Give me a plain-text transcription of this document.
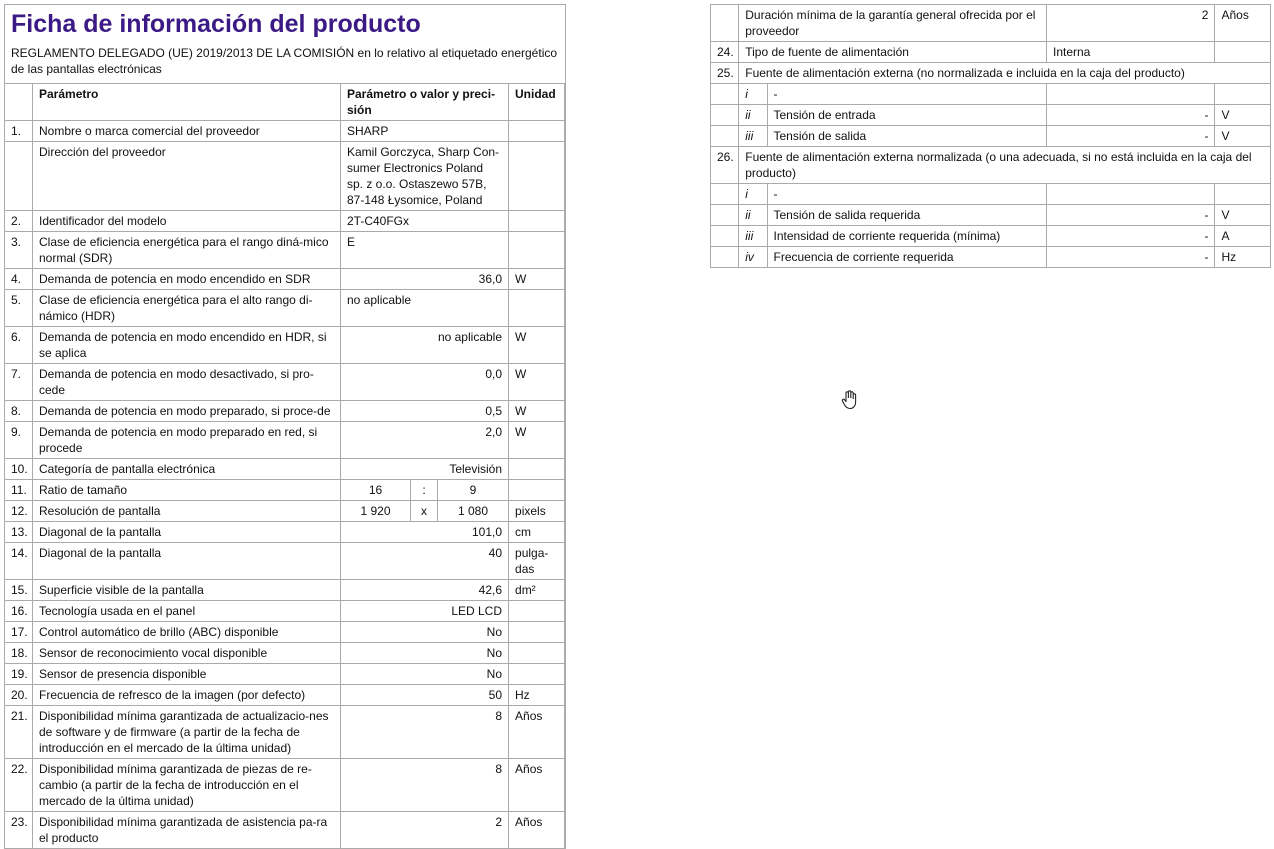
Ficha de información del producto
REGLAMENTO DELEGADO (UE) 2019/2013 DE LA COMISIÓN en lo relativo al etiquetado energético de las pantallas electrónicas
	Parámetro	Parámetro o valor y preci-sión			Unidad
1.	Nombre o marca comercial del proveedor	SHARP			
	Dirección del proveedor	Kamil Gorczyca, Sharp Con-sumer Electronics Poland sp. z o.o. Ostaszewo 57B, 87-148 Łysomice, Poland			
2.	Identificador del modelo	2T-C40FGx			
3.	Clase de eficiencia energética para el rango diná-mico normal (SDR)	E			
4.	Demanda de potencia en modo encendido en SDR	36,0			W
5.	Clase de eficiencia energética para el alto rango di-námico (HDR)	no aplicable			
6.	Demanda de potencia en modo encendido en HDR, si se aplica	no aplicable			W
7.	Demanda de potencia en modo desactivado, si pro-cede	0,0			W
8.	Demanda de potencia en modo preparado, si proce-de	0,5			W
9.	Demanda de potencia en modo preparado en red, si procede	2,0			W
10.	Categoría de pantalla electrónica	Televisión			
11.	Ratio de tamaño	16	:	9	
12.	Resolución de pantalla	1 920	x	1 080	pixels
13.	Diagonal de la pantalla	101,0			cm
14.	Diagonal de la pantalla	40			pulga-das
15.	Superficie visible de la pantalla	42,6			dm²
16.	Tecnología usada en el panel	LED LCD			
17.	Control automático de brillo (ABC) disponible	No			
18.	Sensor de reconocimiento vocal disponible	No			
19.	Sensor de presencia disponible	No			
20.	Frecuencia de refresco de la imagen (por defecto)	50			Hz
21.	Disponibilidad mínima garantizada de actualizacio-nes de software y de firmware (a partir de la fecha de introducción en el mercado de la última unidad)	8			Años
22.	Disponibilidad mínima garantizada de piezas de re-cambio (a partir de la fecha de introducción en el mercado de la última unidad)	8			Años
23.	Disponibilidad mínima garantizada de asistencia pa-ra el producto	2			Años
	Duración mínima de la garantía general ofrecida por el proveedor		2	Años
24.	Tipo de fuente de alimentación		Interna	
25.	Fuente de alimentación externa (no normalizada e incluida en la caja del producto)			
	i	-		
	ii	Tensión de entrada	-	V
	iii	Tensión de salida	-	V
26.	Fuente de alimentación externa normalizada (o una adecuada, si no está incluida en la caja del producto)			
	i	-		
	ii	Tensión de salida requerida	-	V
	iii	Intensidad de corriente requerida (mínima)	-	A
	iv	Frecuencia de corriente requerida	-	Hz
